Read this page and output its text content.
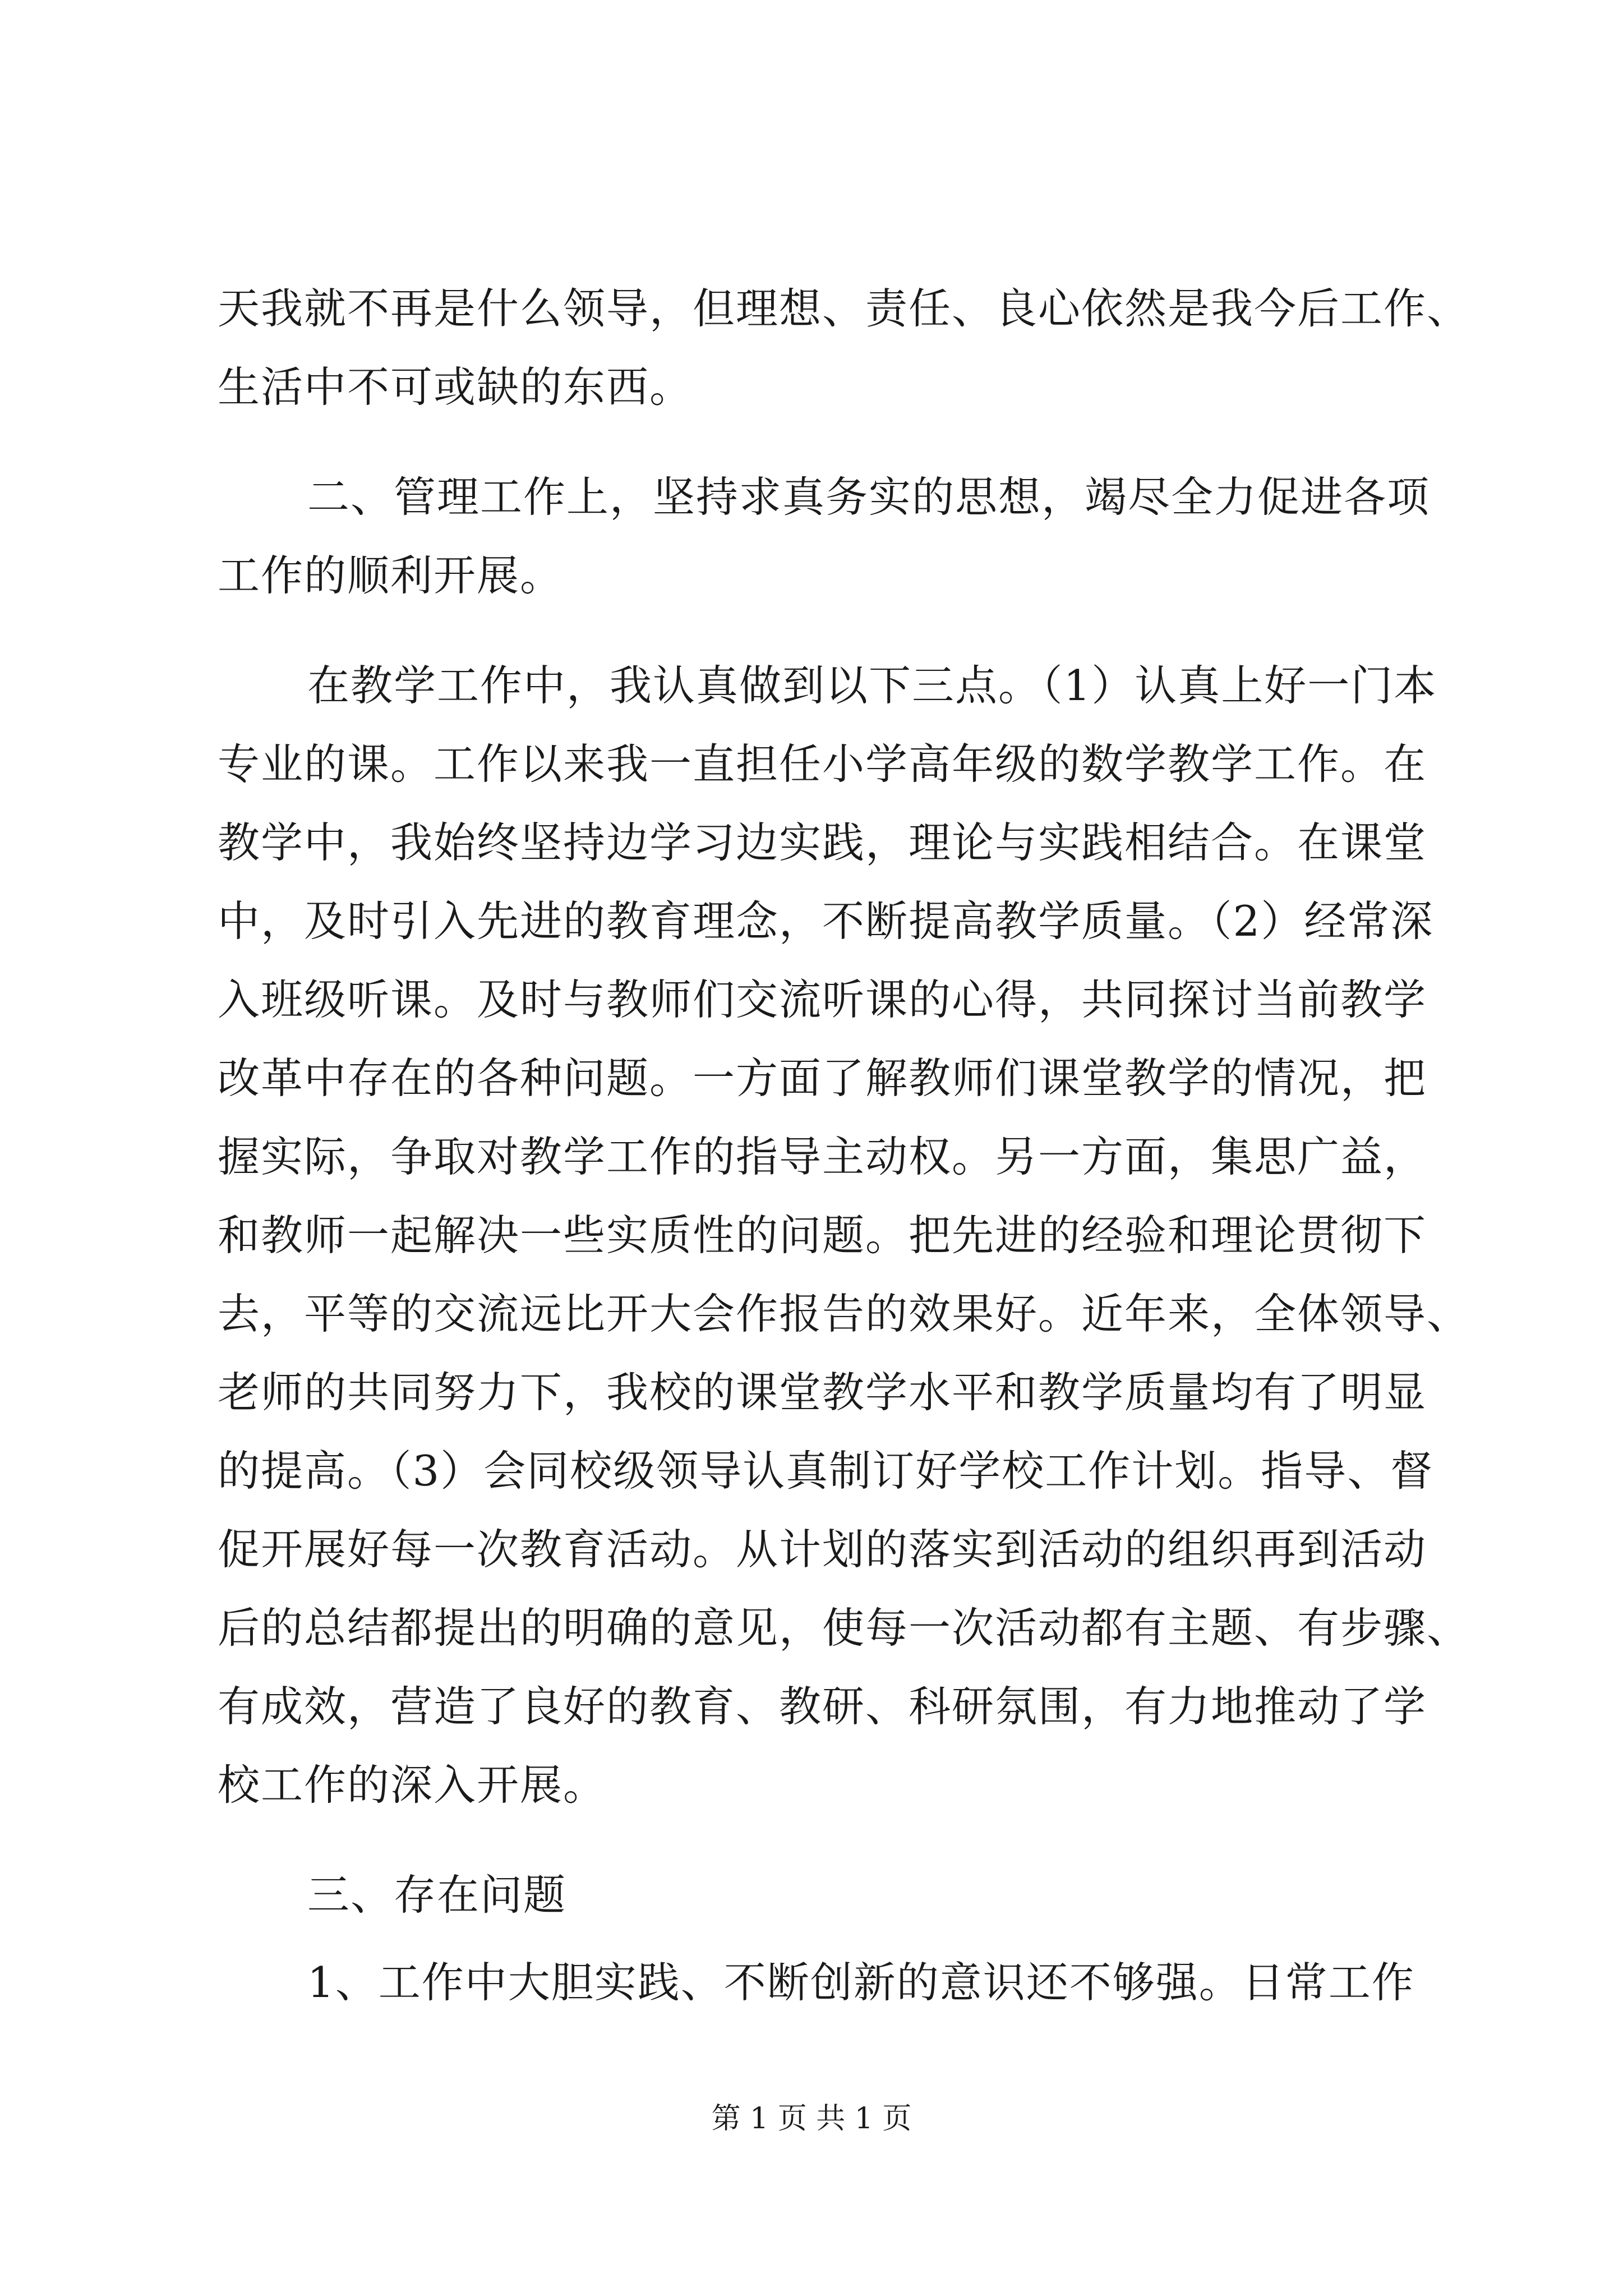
天我就不再是什么领导，但理想、责任、良心依然是我今后工作、
生活中不可或缺的东西。
二、管理工作上，坚持求真务实的思想，竭尽全力促进各项
工作的顺利开展。
在教学工作中，我认真做到以下三点。（1）认真上好一门本
专业的课。工作以来我一直担任小学高年级的数学教学工作。在
教学中，我始终坚持边学习边实践，理论与实践相结合。在课堂
中，及时引入先进的教育理念，不断提高教学质量。（2）经常深
入班级听课。及时与教师们交流听课的心得，共同探讨当前教学
改革中存在的各种问题。一方面了解教师们课堂教学的情况，把
握实际，争取对教学工作的指导主动权。另一方面，集思广益，
和教师一起解决一些实质性的问题。把先进的经验和理论贯彻下
去，平等的交流远比开大会作报告的效果好。近年来，全体领导、
老师的共同努力下，我校的课堂教学水平和教学质量均有了明显
的提高。（3）会同校级领导认真制订好学校工作计划。指导、督
促开展好每一次教育活动。从计划的落实到活动的组织再到活动
后的总结都提出的明确的意见，使每一次活动都有主题、有步骤、
有成效，营造了良好的教育、教研、科研氛围，有力地推动了学
校工作的深入开展。
三、存在问题
1、工作中大胆实践、不断创新的意识还不够强。日常工作
第 1 页 共 1 页
